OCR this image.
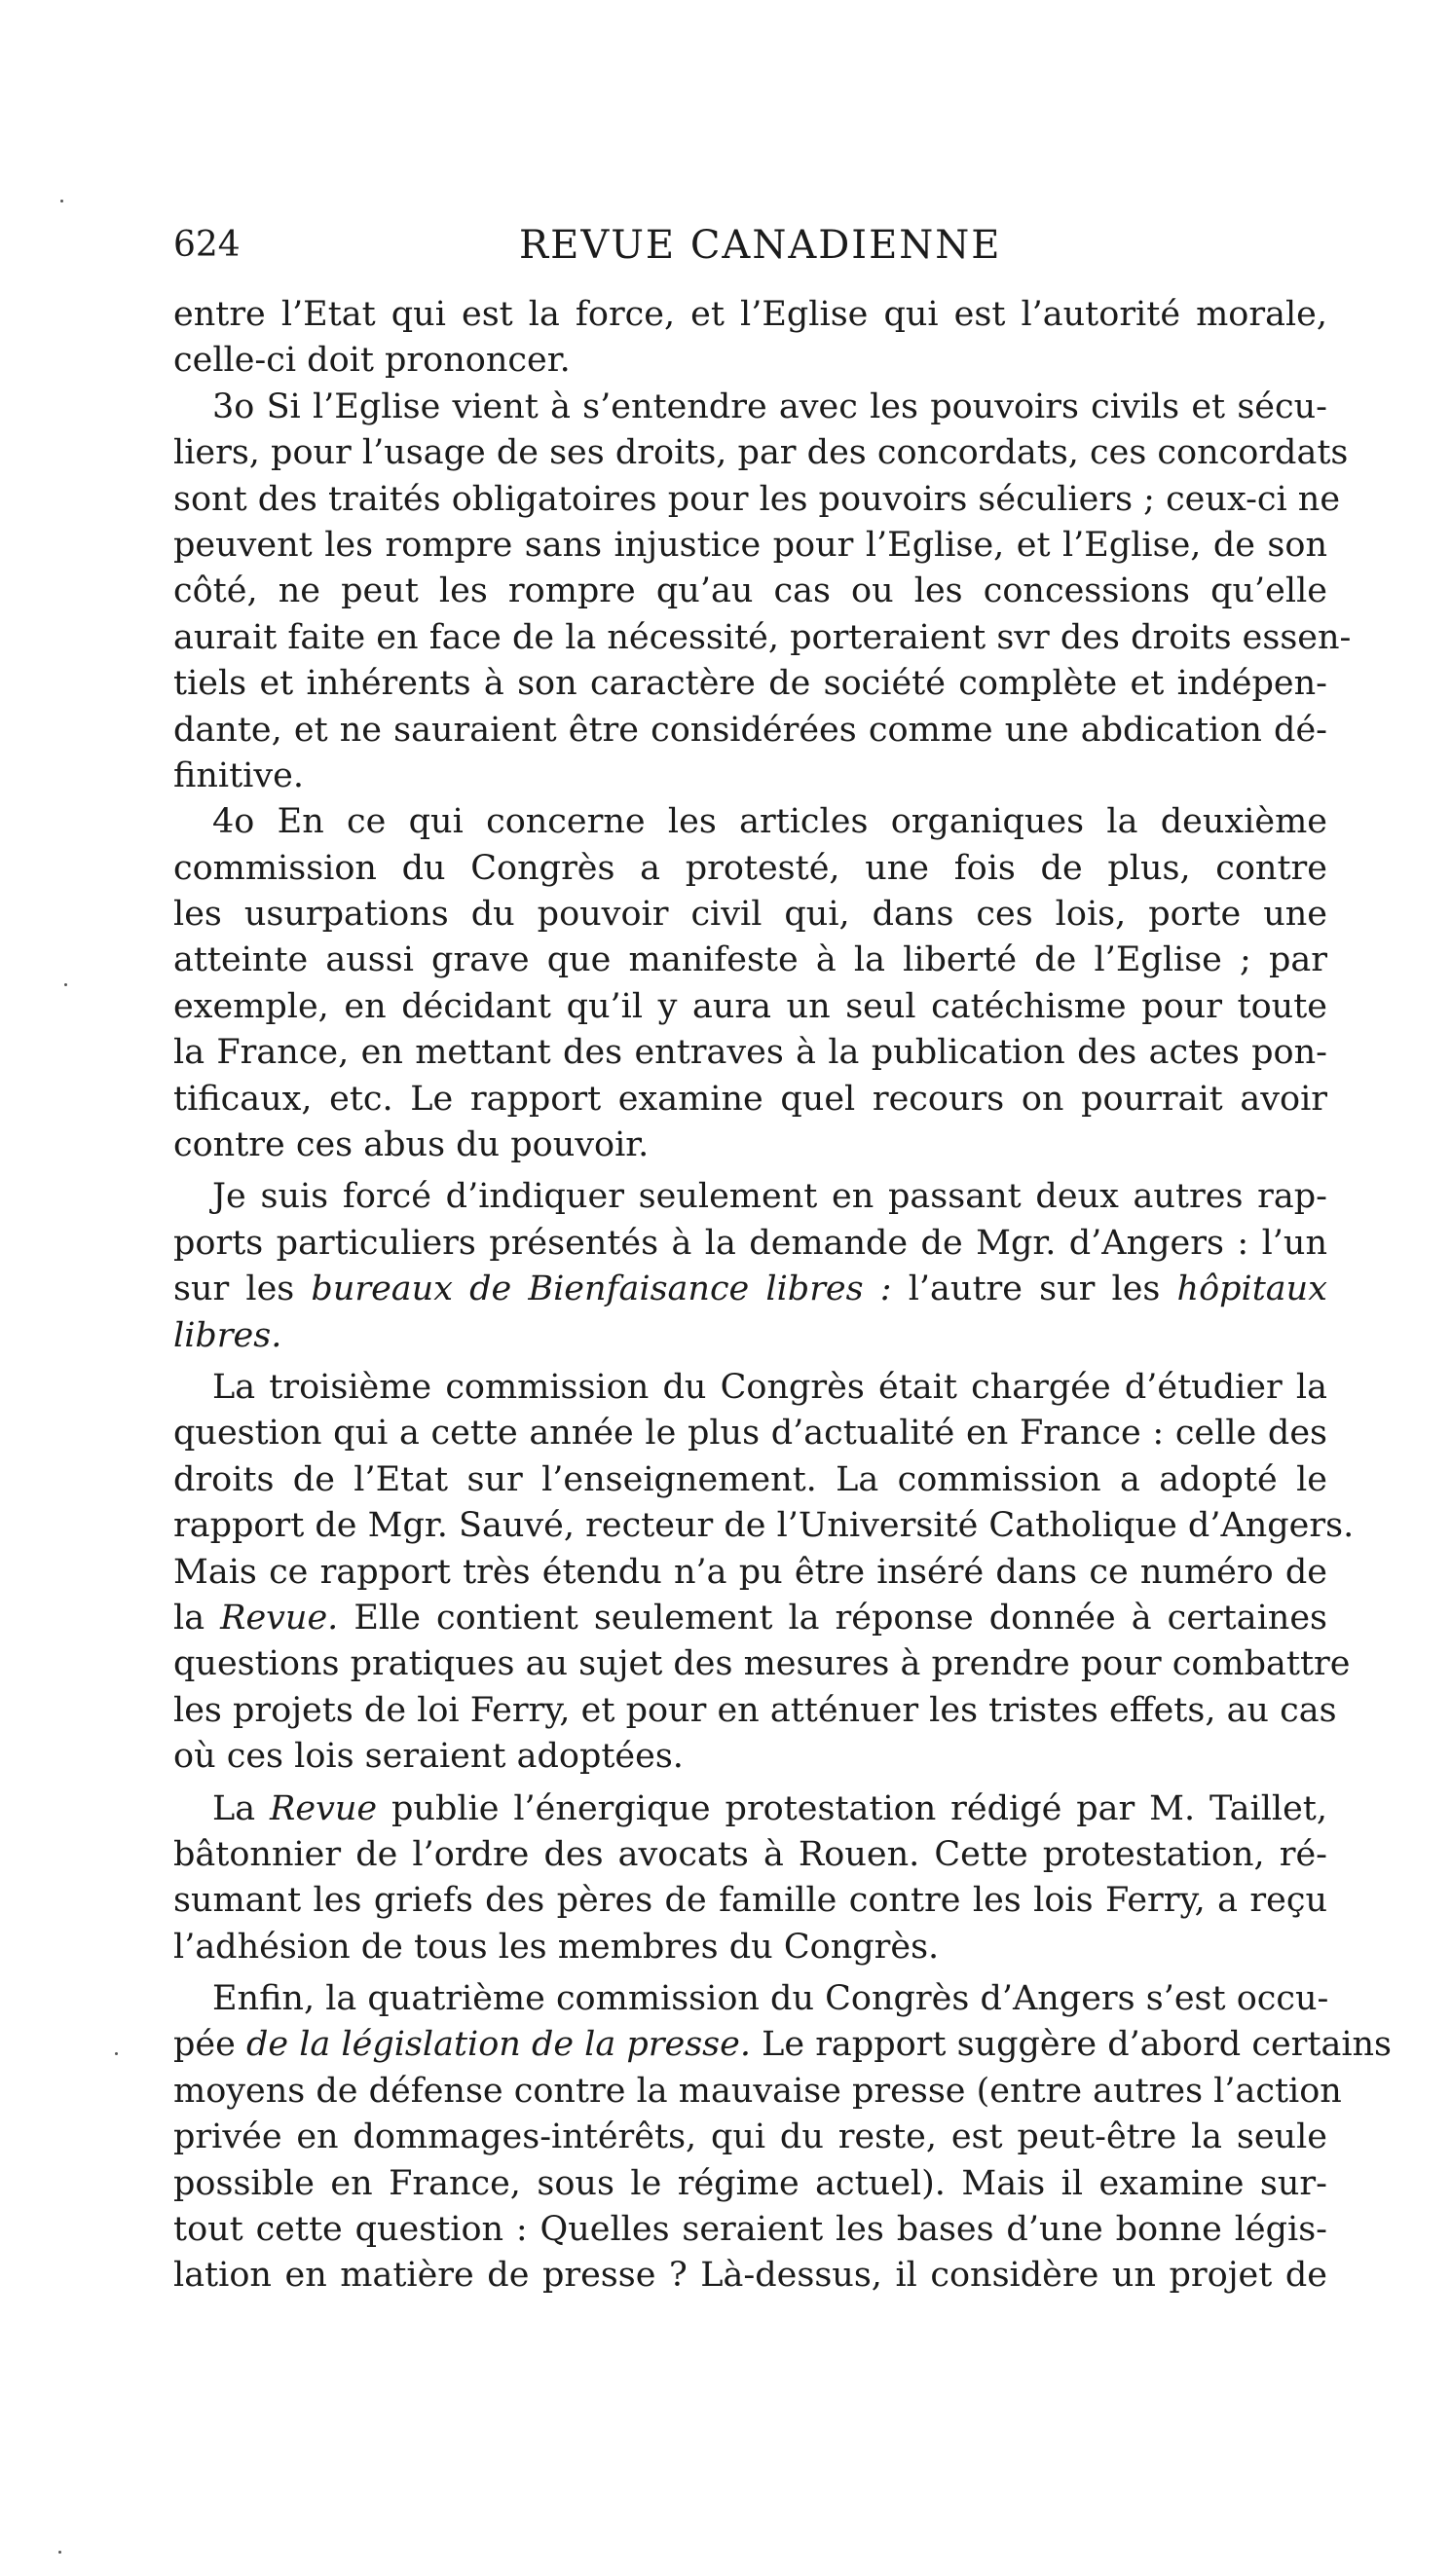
624	REVUE CANADIENNE
entre l’Etat qui est la force, et l’Eglise qui est l’autorité morale,
celle-ci doit prononcer.
3o Si l’Eglise vient à s’entendre avec les pouvoirs civils et sécu-
liers, pour l’usage de ses droits, par des concordats, ces concordats
sont des traités obligatoires pour les pouvoirs séculiers ; ceux-ci ne
peuvent les rompre sans injustice pour l’Eglise, et l’Eglise, de son
côté, ne peut les rompre qu’au cas ou les concessions qu’elle
aurait faite en face de la nécessité, porteraient svr des droits essen-
tiels et inhérents à son caractère de société complète et indépen-
dante, et ne sauraient être considérées comme une abdication dé-
finitive.
4o En ce qui concerne les articles organiques la deuxième
commission du Congrès a protesté, une fois de plus, contre
les usurpations du pouvoir civil qui, dans ces lois, porte une
atteinte aussi grave que manifeste à la liberté de l’Eglise ; par
exemple, en décidant qu’il y aura un seul catéchisme pour toute
la France, en mettant des entraves à la publication des actes pon-
tificaux, etc. Le rapport examine quel recours on pourrait avoir
contre ces abus du pouvoir.
Je suis forcé d’indiquer seulement en passant deux autres rap-
ports particuliers présentés à la demande de Mgr. d’Angers : l’un
sur les bureaux de Bienfaisance libres : l’autre sur les hôpitaux
libres.
La troisième commission du Congrès était chargée d’étudier la
question qui a cette année le plus d’actualité en France : celle des
droits de l’Etat sur l’enseignement. La commission a adopté le
rapport de Mgr. Sauvé, recteur de l’Université Catholique d’Angers.
Mais ce rapport très étendu n’a pu être inséré dans ce numéro de
la Revue. Elle contient seulement la réponse donnée à certaines
questions pratiques au sujet des mesures à prendre pour combattre
les projets de loi Ferry, et pour en atténuer les tristes effets, au cas
où ces lois seraient adoptées.
La Revue publie l’énergique protestation rédigé par M. Taillet,
bâtonnier de l’ordre des avocats à Rouen. Cette protestation, ré-
sumant les griefs des pères de famille contre les lois Ferry, a reçu
l’adhésion de tous les membres du Congrès.
Enfin, la quatrième commission du Congrès d’Angers s’est occu-
pée de la législation de la presse. Le rapport suggère d’abord certains
moyens de défense contre la mauvaise presse (entre autres l’action
privée en dommages-intérêts, qui du reste, est peut-être la seule
possible en France, sous le régime actuel). Mais il examine sur-
tout cette question : Quelles seraient les bases d’une bonne légis-
lation en matière de presse ? Là-dessus, il considère un projet de
